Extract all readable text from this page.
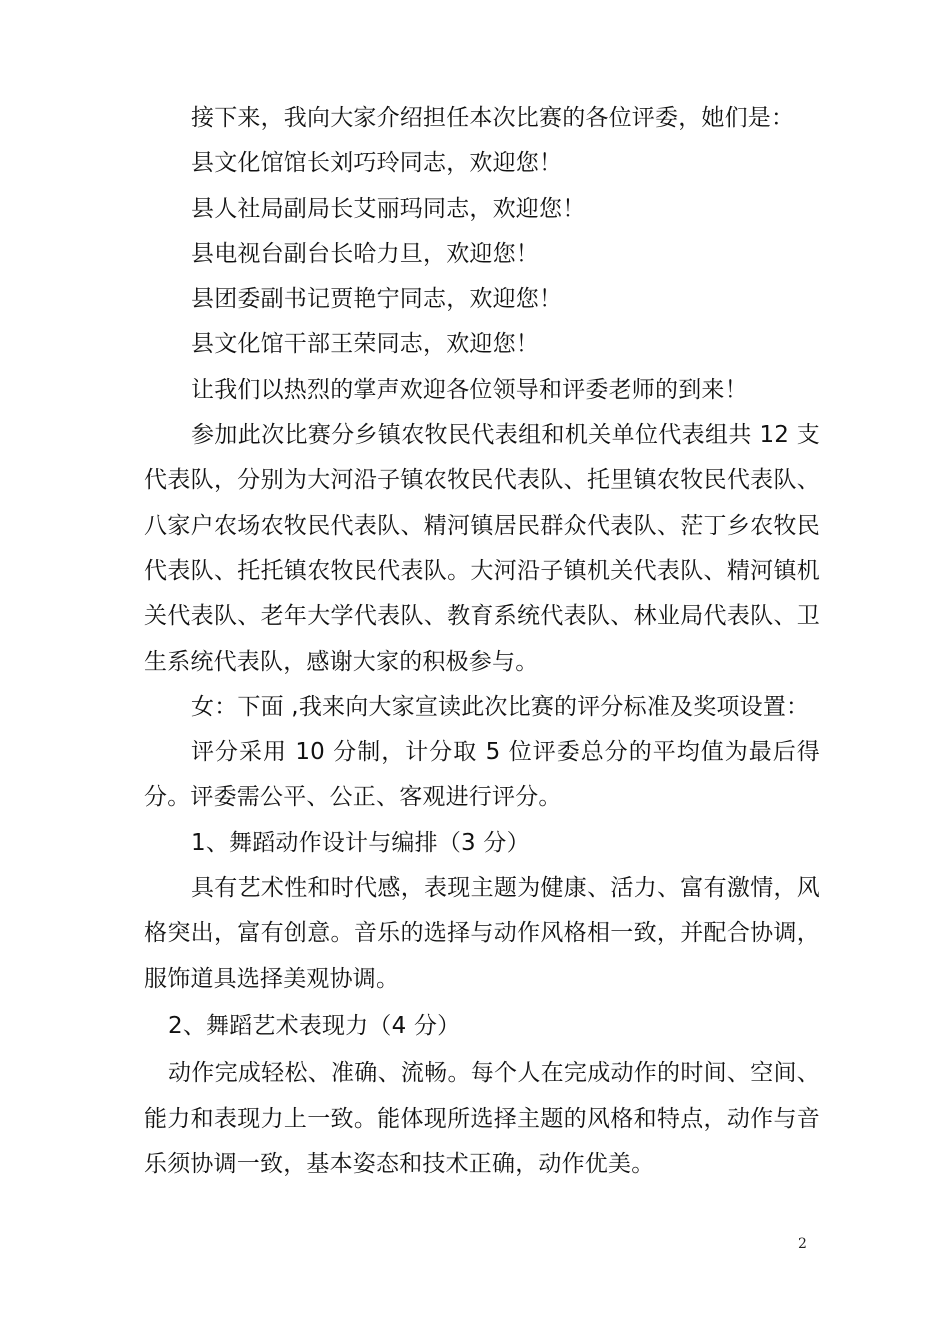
接下来，我向大家介绍担任本次比赛的各位评委，她们是：

县文化馆馆长刘巧玲同志，欢迎您！

县人社局副局长艾丽玛同志，欢迎您！

县电视台副台长哈力旦，欢迎您！

县团委副书记贾艳宁同志，欢迎您！

县文化馆干部王荣同志，欢迎您！

让我们以热烈的掌声欢迎各位领导和评委老师的到来！

参加此次比赛分乡镇农牧民代表组和机关单位代表组共 12 支代表队，分别为大河沿子镇农牧民代表队、托里镇农牧民代表队、八家户农场农牧民代表队、精河镇居民群众代表队、茫丁乡农牧民代表队、托托镇农牧民代表队。大河沿子镇机关代表队、精河镇机关代表队、老年大学代表队、教育系统代表队、林业局代表队、卫生系统代表队，感谢大家的积极参与。

女：下面 ,我来向大家宣读此次比赛的评分标准及奖项设置：

评分采用 10 分制，计分取 5 位评委总分的平均值为最后得分。评委需公平、公正、客观进行评分。

1、舞蹈动作设计与编排（3 分）

具有艺术性和时代感，表现主题为健康、活力、富有激情，风格突出，富有创意。音乐的选择与动作风格相一致，并配合协调，服饰道具选择美观协调。

2、舞蹈艺术表现力（4 分）

动作完成轻松、准确、流畅。每个人在完成动作的时间、空间、能力和表现力上一致。能体现所选择主题的风格和特点，动作与音乐须协调一致，基本姿态和技术正确，动作优美。

2
